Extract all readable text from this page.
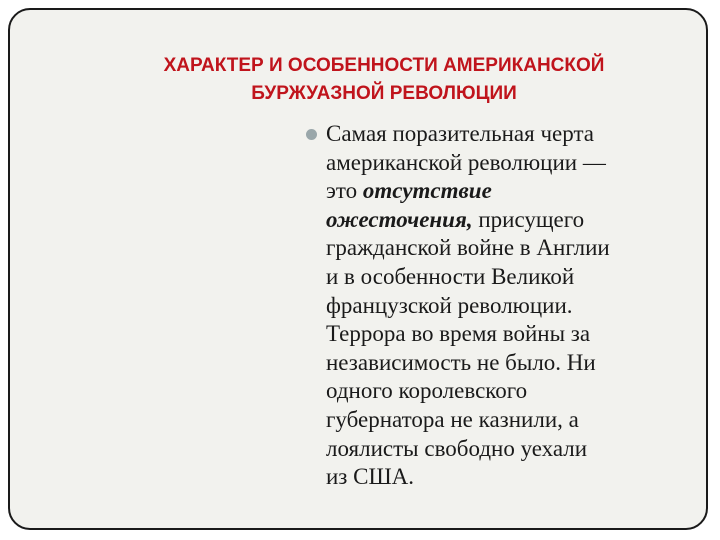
ХАРАКТЕР И ОСОБЕННОСТИ АМЕРИКАНСКОЙ
БУРЖУАЗНОЙ РЕВОЛЮЦИИ
Самая поразительная черта
американской революции —
это отсутствие
ожесточения, присущего
гражданской войне в Англии
и в особенности Великой
французской революции.
Террора во время войны за
независимость не было. Ни
одного королевского
губернатора не казнили, а
лоялисты свободно уехали
из США.
